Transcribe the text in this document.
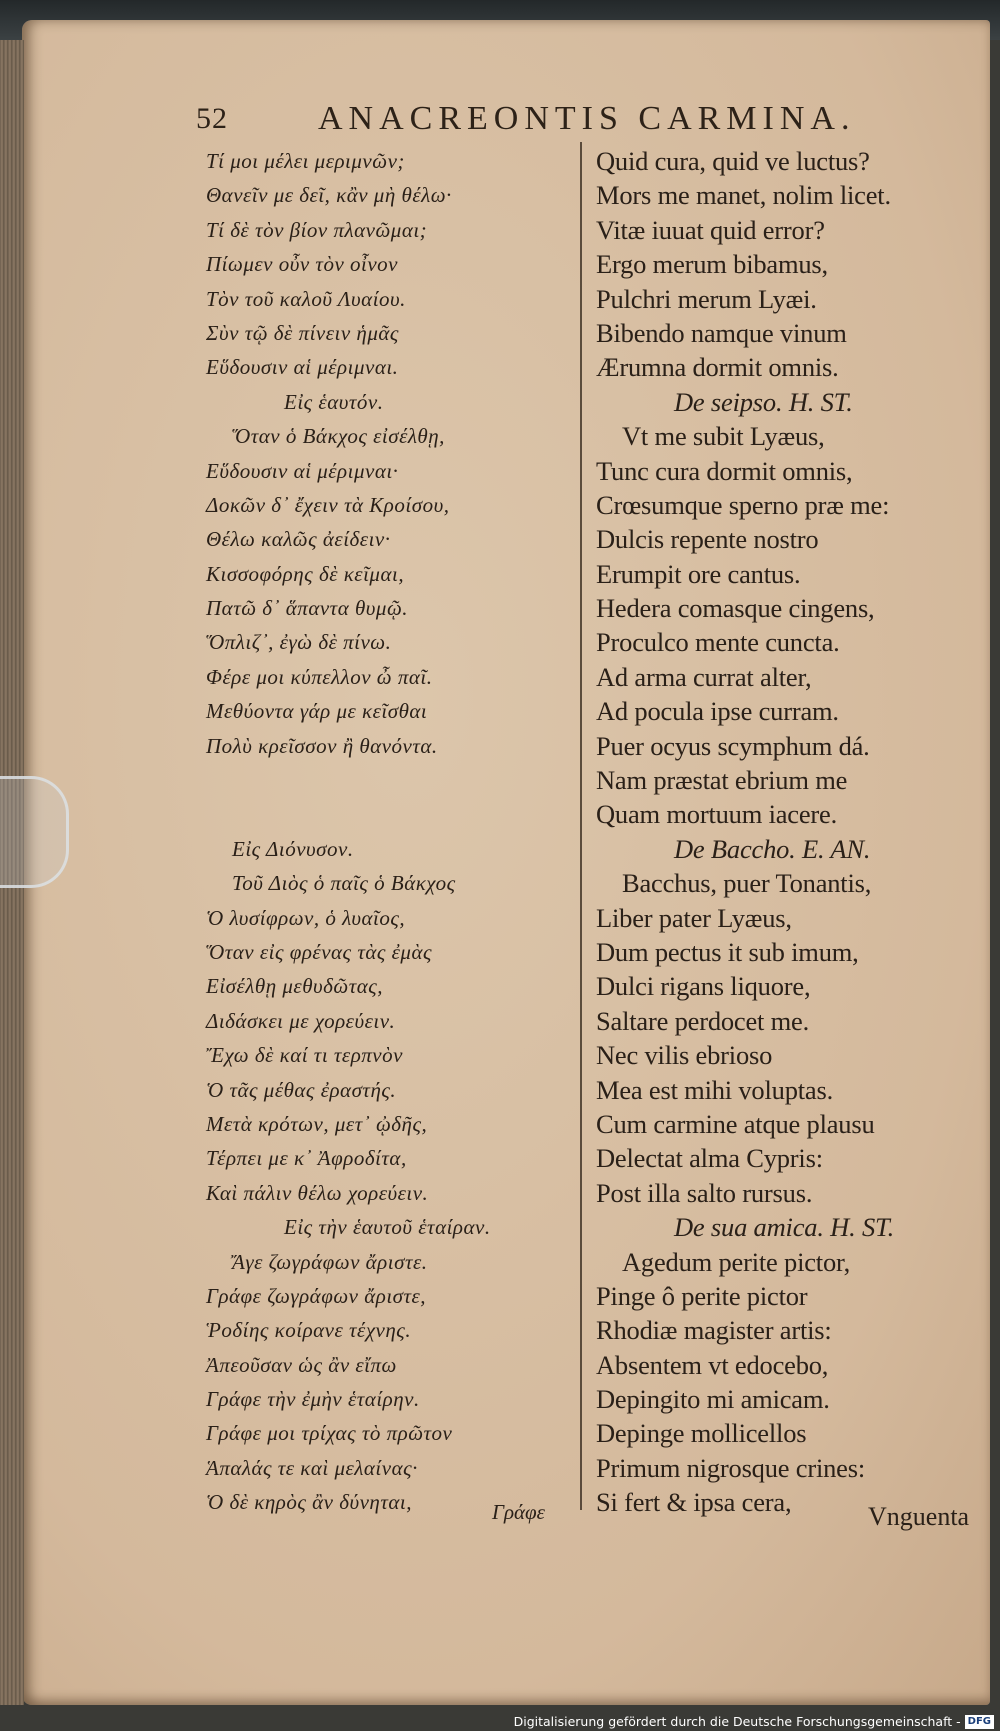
52	ANACREONTIS CARMINA.
Τί μοι μέλει μεριμνῶν;
Θανεῖν με δεῖ, κἂν μὴ θέλω·
Τί δὲ τὸν βίον πλανῶμαι;
Πίωμεν οὖν τὸν οἶνον
Τὸν τοῦ καλοῦ Λυαίου.
Σὺν τῷ δὲ πίνειν ἡμᾶς
Εὕδουσιν αἱ μέριμναι.
Εἰς ἑαυτόν.
Ὅταν ὁ Βάκχος εἰσέλθῃ,
Εὕδουσιν αἱ μέριμναι·
Δοκῶν δ᾽ ἔχειν τὰ Κροίσου,
Θέλω καλῶς ἀείδειν·
Κισσοφόρης δὲ κεῖμαι,
Πατῶ δ᾽ ἅπαντα θυμῷ.
Ὅπλιζ᾽, ἐγὼ δὲ πίνω.
Φέρε μοι κύπελλον ὦ παῖ.
Μεθύοντα γάρ με κεῖσθαι
Πολὺ κρεῖσσον ἢ θανόντα.
Εἰς Διόνυσον.
Τοῦ Διὸς ὁ παῖς ὁ Βάκχος
Ὁ λυσίφρων, ὁ λυαῖος,
Ὅταν εἰς φρένας τὰς ἐμὰς
Εἰσέλθῃ μεθυδῶτας,
Διδάσκει με χορεύειν.
Ἔχω δὲ καί τι τερπνὸν
Ὁ τᾶς μέθας ἐραστής.
Μετὰ κρότων, μετ᾽ ᾠδῆς,
Τέρπει με κ᾽ Ἀφροδίτα,
Καὶ πάλιν θέλω χορεύειν.
Εἰς τὴν ἑαυτοῦ ἑταίραν.
Ἄγε ζωγράφων ἄριστε.
Γράφε ζωγράφων ἄριστε,
Ῥοδίης κοίρανε τέχνης.
Ἀπεοῦσαν ὡς ἂν εἴπω
Γράφε τὴν ἐμὴν ἑταίρην.
Γράφε μοι τρίχας τὸ πρῶτον
Ἁπαλάς τε καὶ μελαίνας·
Ὁ δὲ κηρὸς ἂν δύνηται,
Quid cura, quid ve luctus?
Mors me manet, nolim licet.
Vitæ iuuat quid error?
Ergo merum bibamus,
Pulchri merum Lyæi.
Bibendo namque vinum
Ærumna dormit omnis.
De seipso. H. ST.
Vt me subit Lyæus,
Tunc cura dormit omnis,
Crœsumque sperno præ me:
Dulcis repente nostro
Erumpit ore cantus.
Hedera comasque cingens,
Proculco mente cuncta.
Ad arma currat alter,
Ad pocula ipse curram.
Puer ocyus scymphum dá.
Nam præstat ebrium me
Quam mortuum iacere.
De Baccho. E. AN.
Bacchus, puer Tonantis,
Liber pater Lyæus,
Dum pectus it sub imum,
Dulci rigans liquore,
Saltare perdocet me.
Nec vilis ebrioso
Mea est mihi voluptas.
Cum carmine atque plausu
Delectat alma Cypris:
Post illa salto rursus.
De sua amica. H. ST.
Agedum perite pictor,
Pinge ô perite pictor
Rhodiæ magister artis:
Absentem vt edocebo,
Depingito mi amicam.
Depinge mollicellos
Primum nigrosque crines:
Si fert & ipsa cera,
Γράφε	Vnguenta
Digitalisierung gefördert durch die Deutsche Forschungsgemeinschaft - DFG
